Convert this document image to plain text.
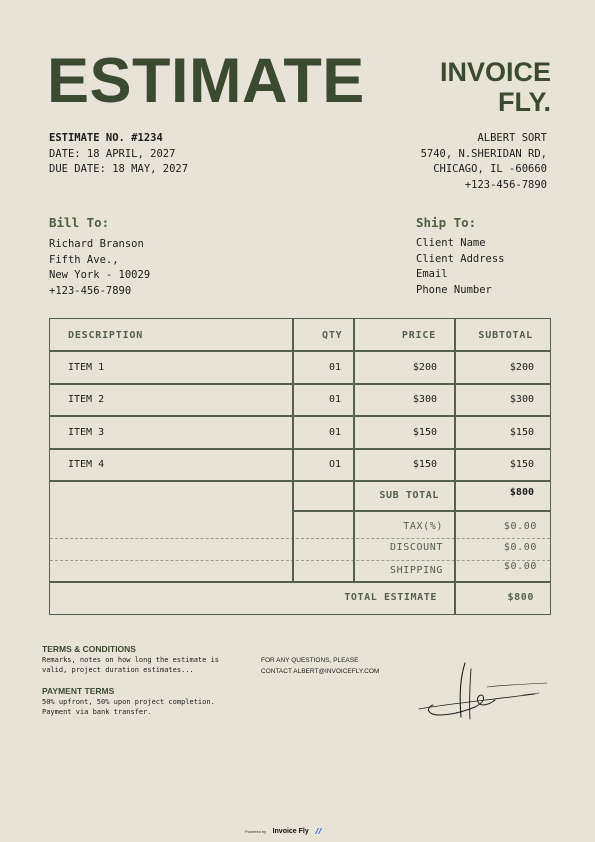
ESTIMATE	INVOICE
FLY.
ESTIMATE NO. #1234
DATE: 18 APRIL, 2027
DUE DATE: 18 MAY, 2027
ALBERT SORT
5740, N.SHERIDAN RD,
CHICAGO, IL -60660
+123-456-7890
Bill To:
Richard Branson
Fifth Ave.,
New York - 10029
+123-456-7890
Ship To:
Client Name
Client Address
Email
Phone Number
DESCRIPTION	QTY	PRICE	SUBTOTAL
ITEM 1	01	$200	$200
ITEM 2	01	$300	$300
ITEM 3	01	$150	$150
ITEM 4	O1	$150	$150
SUB TOTAL	$800
TAX(%)	$0.00
DISCOUNT	$0.00
SHIPPING	$0.00
TOTAL ESTIMATE	$800
TERMS & CONDITIONS
Remarks, notes on how long the estimate is valid, project duration estimates...
PAYMENT TERMS
50% upfront, 50% upon project completion. Payment via bank transfer.
FOR ANY QUESTIONS, PLEASE
CONTACT ALBERT@INVOICEFLY.COM
Powered by Invoice Fly
